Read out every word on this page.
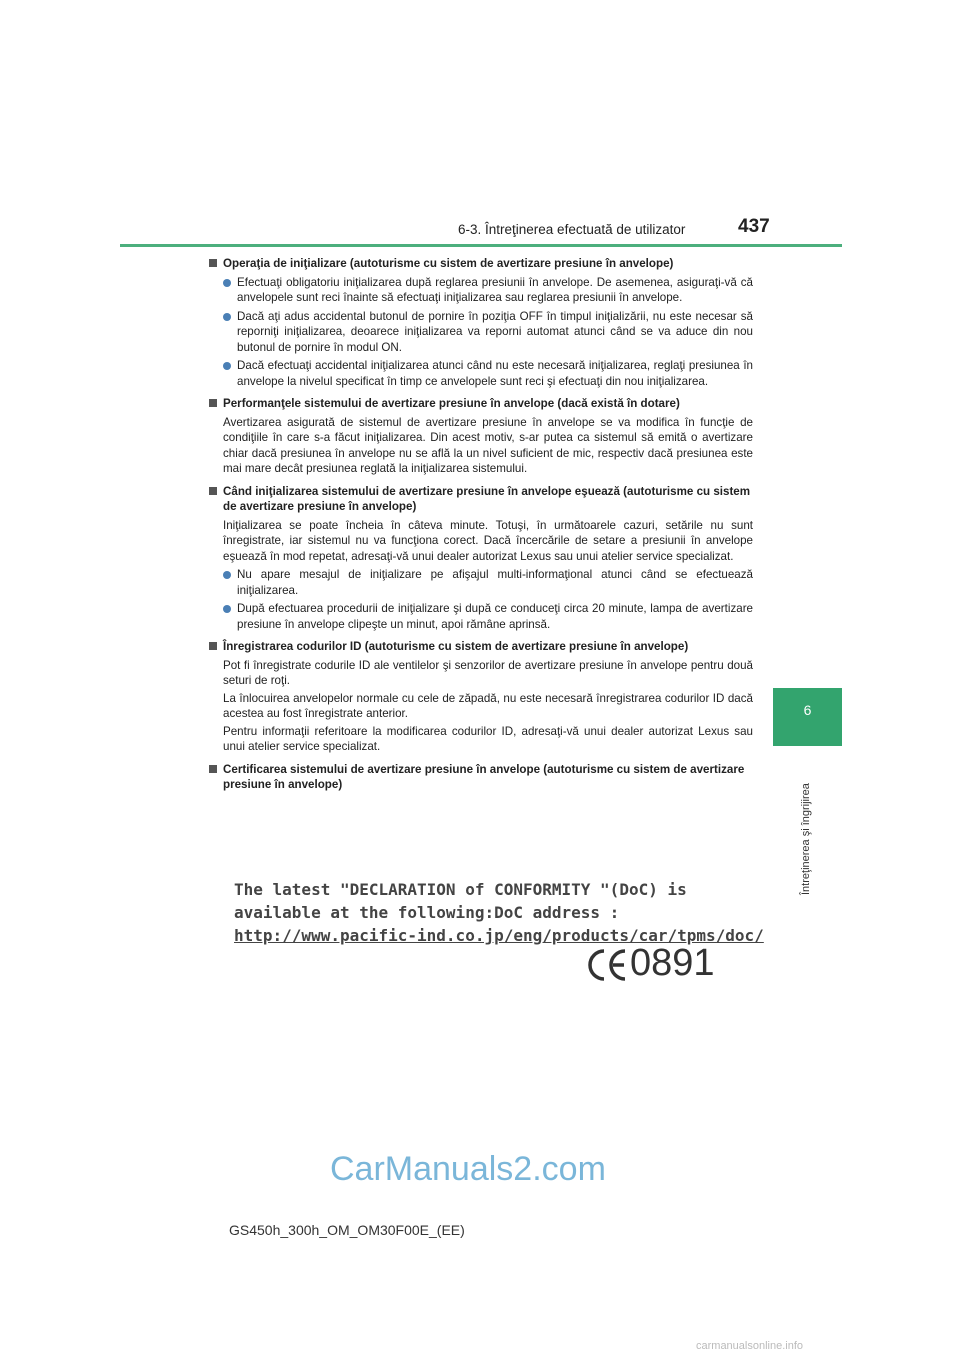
6-3. Întreţinerea efectuată de utilizator	437
6
Întreţinerea şi îngrijirea
Operaţia de iniţializare (autoturisme cu sistem de avertizare presiune în anvelope)
Efectuaţi obligatoriu iniţializarea după reglarea presiunii în anvelope. De asemenea, asiguraţi-vă că anvelopele sunt reci înainte să efectuaţi iniţializarea sau reglarea presiunii în anvelope.
Dacă aţi adus accidental butonul de pornire în poziţia OFF în timpul iniţializării, nu este necesar să reporniţi iniţializarea, deoarece iniţializarea va reporni automat atunci când se va aduce din nou butonul de pornire în modul ON.
Dacă efectuaţi accidental iniţializarea atunci când nu este necesară iniţializarea, reglaţi presiunea în anvelope la nivelul specificat în timp ce anvelopele sunt reci şi efectuaţi din nou iniţializarea.
Performanţele sistemului de avertizare presiune în anvelope (dacă există în dotare)
Avertizarea asigurată de sistemul de avertizare presiune în anvelope se va modifica în funcţie de condiţiile în care s-a făcut iniţializarea. Din acest motiv, s-ar putea ca sistemul să emită o avertizare chiar dacă presiunea în anvelope nu se află la un nivel suficient de mic, respectiv dacă presiunea este mai mare decât presiunea reglată la iniţializarea sistemului.
Când iniţializarea sistemului de avertizare presiune în anvelope eşuează (autoturisme cu sistem de avertizare presiune în anvelope)
Iniţializarea se poate încheia în câteva minute. Totuşi, în următoarele cazuri, setările nu sunt înregistrate, iar sistemul nu va funcţiona corect. Dacă încercările de setare a presiunii în anvelope eşuează în mod repetat, adresaţi-vă unui dealer autorizat Lexus sau unui atelier service specializat.
Nu apare mesajul de iniţializare pe afişajul multi-informaţional atunci când se efectuează iniţializarea.
După efectuarea procedurii de iniţializare şi după ce conduceţi circa 20 minute, lampa de avertizare presiune în anvelope clipeşte un minut, apoi rămâne aprinsă.
Înregistrarea codurilor ID (autoturisme cu sistem de avertizare presiune în anvelope)
Pot fi înregistrate codurile ID ale ventilelor şi senzorilor de avertizare presiune în anvelope pentru două seturi de roţi.
La înlocuirea anvelopelor normale cu cele de zăpadă, nu este necesară înregistrarea codurilor ID dacă acestea au fost înregistrate anterior.
Pentru informaţii referitoare la modificarea codurilor ID, adresaţi-vă unui dealer autorizat Lexus sau unui atelier service specializat.
Certificarea sistemului de avertizare presiune în anvelope (autoturisme cu sistem de avertizare presiune în anvelope)
The latest "DECLARATION of CONFORMITY "(DoC) is
available at the following:DoC address :
http://www.pacific-ind.co.jp/eng/products/car/tpms/doc/
0891
CarManuals2.com
GS450h_300h_OM_OM30F00E_(EE)
carmanualsonline.info
